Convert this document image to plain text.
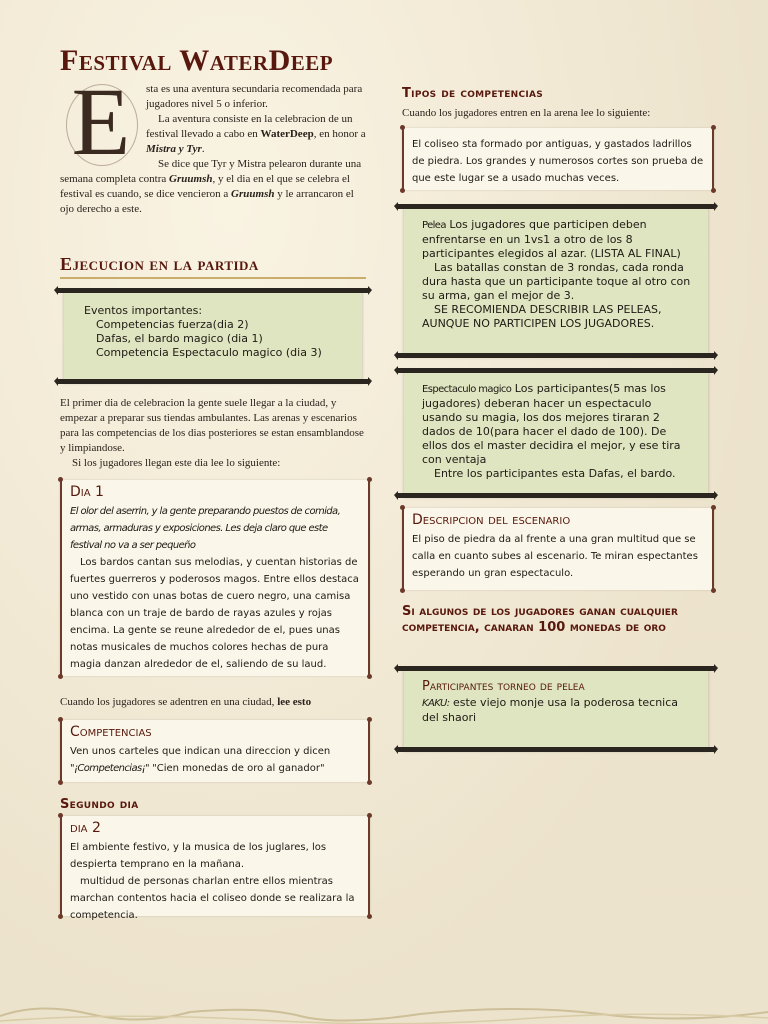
Festival WaterDeep
E	sta es una aventura secundaria recomendada para jugadores nivel 5 o inferior.

La aventura consiste en la celebracion de un festival llevado a cabo en WaterDeep, en honor a Mistra y Tyr.

Se dice que Tyr y Mistra pelearon durante una semana completa contra Gruumsh, y el dia en el que se celebra el festival es cuando, se dice vencieron a Gruumsh y le arrancaron el ojo derecho a este.

Ejecucion en la partida
Eventos importantes:
Competencias fuerza(dia 2)
Dafas, el bardo magico (dia 1)
Competencia Espectaculo magico (dia 3)

El primer dia de celebracion la gente suele llegar a la ciudad, y empezar a preparar sus tiendas ambulantes. Las arenas y escenarios para las competencias de los dias posteriores se estan ensamblandose y limpiandose.

Si los jugadores llegan este dia lee lo siguiente:

Dia 1

El olor del aserrin, y la gente preparando puestos de comida, armas, armaduras y exposiciones. Les deja claro que este festival no va a ser pequeño

Los bardos cantan sus melodias, y cuentan historias de fuertes guerreros y poderosos magos. Entre ellos destaca uno vestido con unas botas de cuero negro, una camisa blanca con un traje de bardo de rayas azules y rojas encima. La gente se reune alrededor de el, pues unas notas musicales de muchos colores hechas de pura magia danzan alrededor de el, saliendo de su laud.

Cuando los jugadores se adentren en una ciudad, lee esto

Competencias

Ven unos carteles que indican una direccion y dicen

"¡Competencias¡" "Cien monedas de oro al ganador"

Segundo dia
dia 2

El ambiente festivo, y la musica de los juglares, los despierta temprano en la mañana.

multidud de personas charlan entre ellos mientras marchan contentos hacia el coliseo donde se realizara la competencia.

Tipos de competencias

Cuando los jugadores entren en la arena lee lo siguiente:

El coliseo sta formado por antiguas, y gastados ladrillos de piedra. Los grandes y numerosos cortes son prueba de que este lugar se a usado muchas veces.

Pelea Los jugadores que participen deben enfrentarse en un 1vs1 a otro de los 8 participantes elegidos al azar. (LISTA AL FINAL)

Las batallas constan de 3 rondas, cada ronda dura hasta que un participante toque al otro con su arma, gan el mejor de 3.

SE RECOMIENDA DESCRIBIR LAS PELEAS, AUNQUE NO PARTICIPEN LOS JUGADORES.

Espectaculo magico Los participantes(5 mas los jugadores) deberan hacer un espectaculo usando su magia, los dos mejores tiraran 2 dados de 10(para hacer el dado de 100). De ellos dos el master decidira el mejor, y ese tira con ventaja

Entre los participantes esta Dafas, el bardo.

Descripcion del escenario

El piso de piedra da al frente a una gran multitud que se calla en cuanto subes al escenario. Te miran espectantes esperando un gran espectaculo.

Si algunos de los jugadores ganan cualquier competencia, canaran 100 monedas de oro
Participantes torneo de pelea

KAKU: este viejo monje usa la poderosa tecnica del shaori
